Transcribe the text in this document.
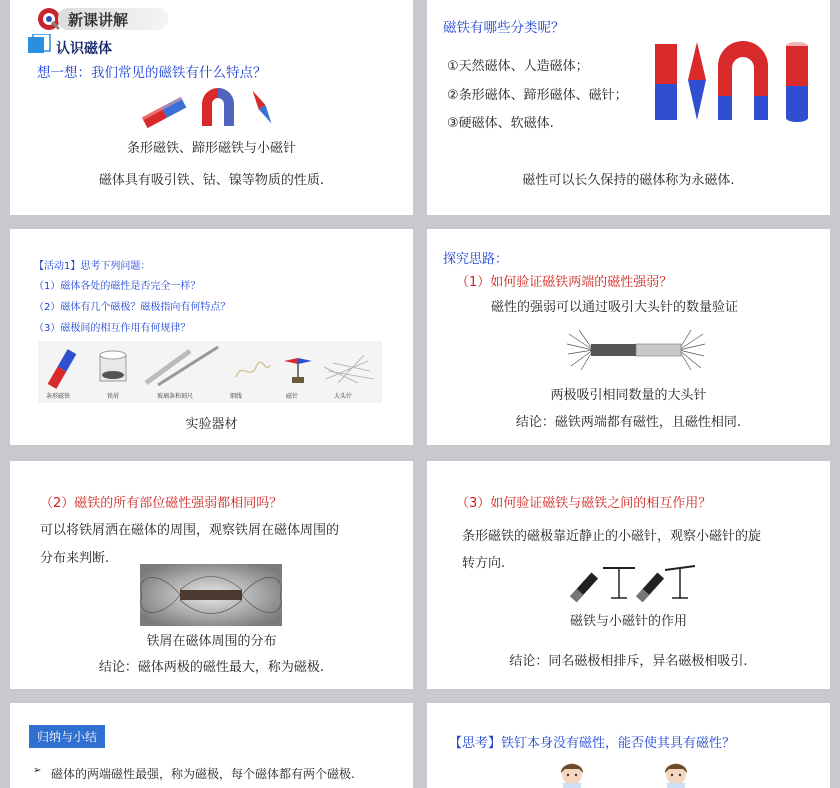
新课讲解
认识磁体
想一想：我们常见的磁铁有什么特点？
条形磁铁、蹄形磁铁与小磁针
磁体具有吸引铁、钴、镍等物质的性质.
磁铁有哪些分类呢？
①天然磁体、人造磁体；
②条形磁体、蹄形磁体、磁针；
③硬磁体、软磁体.
磁性可以长久保持的磁体称为永磁体.
【活动1】思考下列问题：
（1）磁体各处的磁性是否完全一样？
（2）磁体有几个磁极？磁极指向有何特点？
（3）磁极间的相互作用有何规律？
条形磁铁	铁屑	玻璃条和刻尺	细线	磁针	大头针
实验器材
探究思路：
（1）如何验证磁铁两端的磁性强弱？
磁性的强弱可以通过吸引大头针的数量验证
两极吸引相同数量的大头针
结论：磁铁两端都有磁性，且磁性相同.
（2）磁铁的所有部位磁性强弱都相同吗？
可以将铁屑洒在磁体的周围，观察铁屑在磁体周围的
分布来判断.
铁屑在磁体周围的分布
结论：磁体两极的磁性最大，称为磁极.
（3）如何验证磁铁与磁铁之间的相互作用？
条形磁铁的磁极靠近静止的小磁针，观察小磁针的旋
转方向.
磁铁与小磁针的作用
结论：同名磁极相排斥，异名磁极相吸引.
归纳与小结
➢ 磁体的两端磁性最强，称为磁极，每个磁体都有两个磁极.
【思考】铁钉本身没有磁性，能否使其具有磁性？
